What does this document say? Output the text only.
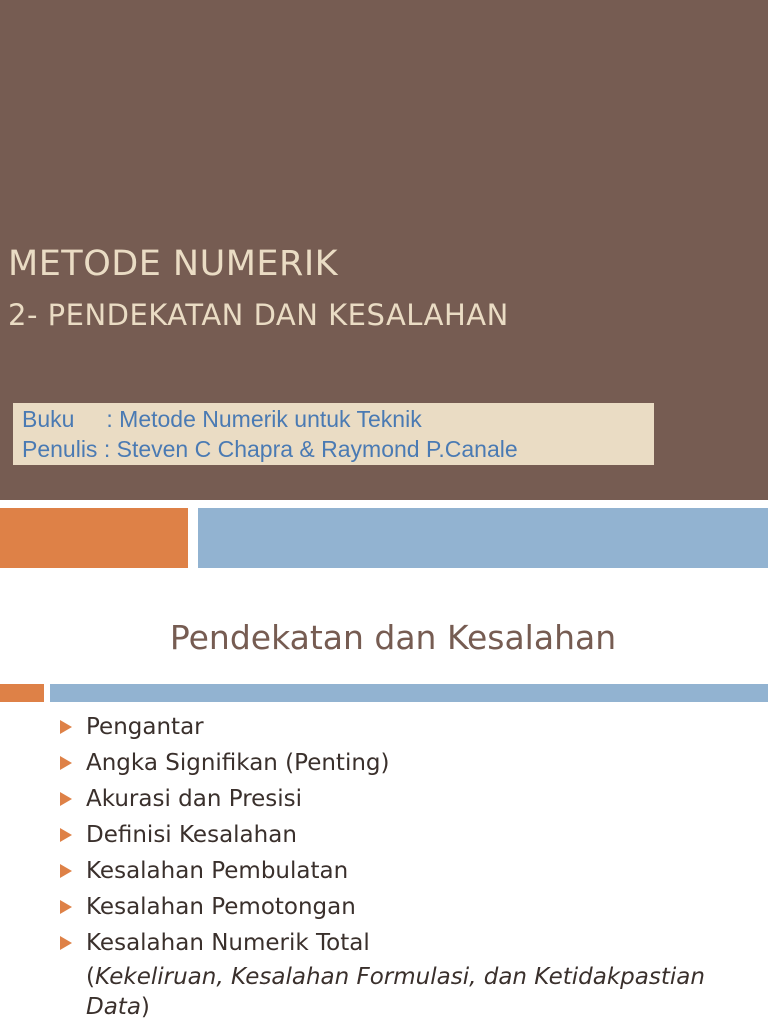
METODE NUMERIK
2- PENDEKATAN DAN KESALAHAN
Buku     : Metode Numerik untuk Teknik
Penulis : Steven C Chapra & Raymond P.Canale
Pendekatan dan Kesalahan
Pengantar
Angka Signifikan (Penting)
Akurasi dan Presisi
Definisi Kesalahan
Kesalahan Pembulatan
Kesalahan Pemotongan
Kesalahan Numerik Total
(Kekeliruan, Kesalahan Formulasi, dan Ketidakpastian Data)
